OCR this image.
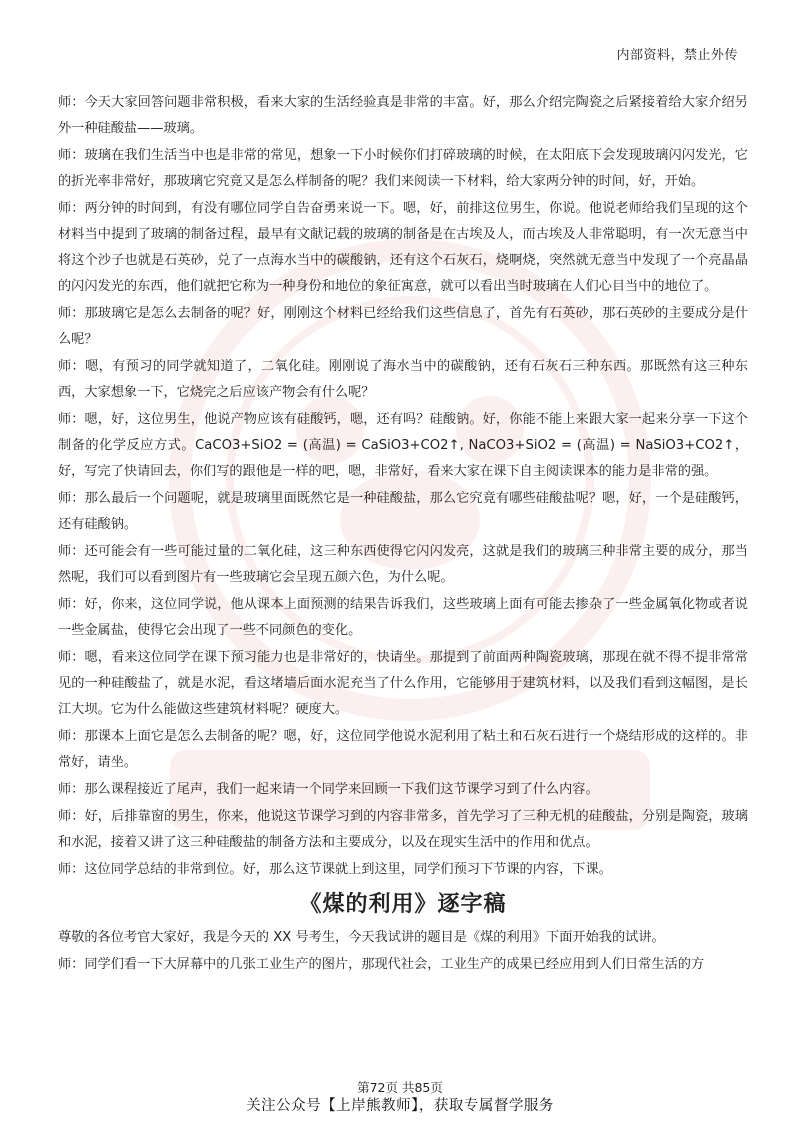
内部资料，禁止外传

师：今天大家回答问题非常积极，看来大家的生活经验真是非常的丰富。好，那么介绍完陶瓷之后紧接着给大家介绍另外一种硅酸盐——玻璃。

师：玻璃在我们生活当中也是非常的常见，想象一下小时候你们打碎玻璃的时候，在太阳底下会发现玻璃闪闪发光，它的折光率非常好，那玻璃它究竟又是怎么样制备的呢？我们来阅读一下材料，给大家两分钟的时间，好，开始。

师：两分钟的时间到，有没有哪位同学自告奋勇来说一下。嗯，好，前排这位男生，你说。他说老师给我们呈现的这个材料当中提到了玻璃的制备过程，最早有文献记载的玻璃的制备是在古埃及人，而古埃及人非常聪明，有一次无意当中将这个沙子也就是石英砂，兑了一点海水当中的碳酸钠，还有这个石灰石，烧啊烧，突然就无意当中发现了一个亮晶晶的闪闪发光的东西，他们就把它称为一种身份和地位的象征寓意，就可以看出当时玻璃在人们心目当中的地位了。

师：那玻璃它是怎么去制备的呢？好，刚刚这个材料已经给我们这些信息了，首先有石英砂，那石英砂的主要成分是什么呢？

师：嗯，有预习的同学就知道了，二氧化硅。刚刚说了海水当中的碳酸钠，还有石灰石三种东西。那既然有这三种东西，大家想象一下，它烧完之后应该产物会有什么呢？

师：嗯，好，这位男生，他说产物应该有硅酸钙，嗯，还有吗？硅酸钠。好，你能不能上来跟大家一起来分享一下这个制备的化学反应方式。CaCO3+SiO2 = (高温) = CaSiO3+CO2↑, NaCO3+SiO2 = (高温) = NaSiO3+CO2↑，好，写完了快请回去，你们写的跟他是一样的吧，嗯，非常好，看来大家在课下自主阅读课本的能力是非常的强。

师：那么最后一个问题呢，就是玻璃里面既然它是一种硅酸盐，那么它究竟有哪些硅酸盐呢？嗯，好，一个是硅酸钙，还有硅酸钠。

师：还可能会有一些可能过量的二氧化硅，这三种东西使得它闪闪发亮，这就是我们的玻璃三种非常主要的成分，那当然呢，我们可以看到图片有一些玻璃它会呈现五颜六色，为什么呢。

师：好，你来，这位同学说，他从课本上面预测的结果告诉我们，这些玻璃上面有可能去掺杂了一些金属氧化物或者说一些金属盐，使得它会出现了一些不同颜色的变化。

师：嗯，看来这位同学在课下预习能力也是非常好的，快请坐。那提到了前面两种陶瓷玻璃，那现在就不得不提非常常见的一种硅酸盐了，就是水泥，看这堵墙后面水泥充当了什么作用，它能够用于建筑材料，以及我们看到这幅图，是长江大坝。它为什么能做这些建筑材料呢？硬度大。

师：那课本上面它是怎么去制备的呢？嗯，好，这位同学他说水泥利用了粘土和石灰石进行一个烧结形成的这样的。非常好，请坐。

师：那么课程接近了尾声，我们一起来请一个同学来回顾一下我们这节课学习到了什么内容。

师：好，后排靠窗的男生，你来，他说这节课学习到的内容非常多，首先学习了三种无机的硅酸盐，分别是陶瓷，玻璃和水泥，接着又讲了这三种硅酸盐的制备方法和主要成分，以及在现实生活中的作用和优点。

师：这位同学总结的非常到位。好，那么这节课就上到这里，同学们预习下节课的内容，下课。

《煤的利用》逐字稿

尊敬的各位考官大家好，我是今天的 XX 号考生，今天我试讲的题目是《煤的利用》下面开始我的试讲。

师：同学们看一下大屏幕中的几张工业生产的图片，那现代社会，工业生产的成果已经应用到人们日常生活的方

第72页 共85页
关注公众号【上岸熊教师】，获取专属督学服务
